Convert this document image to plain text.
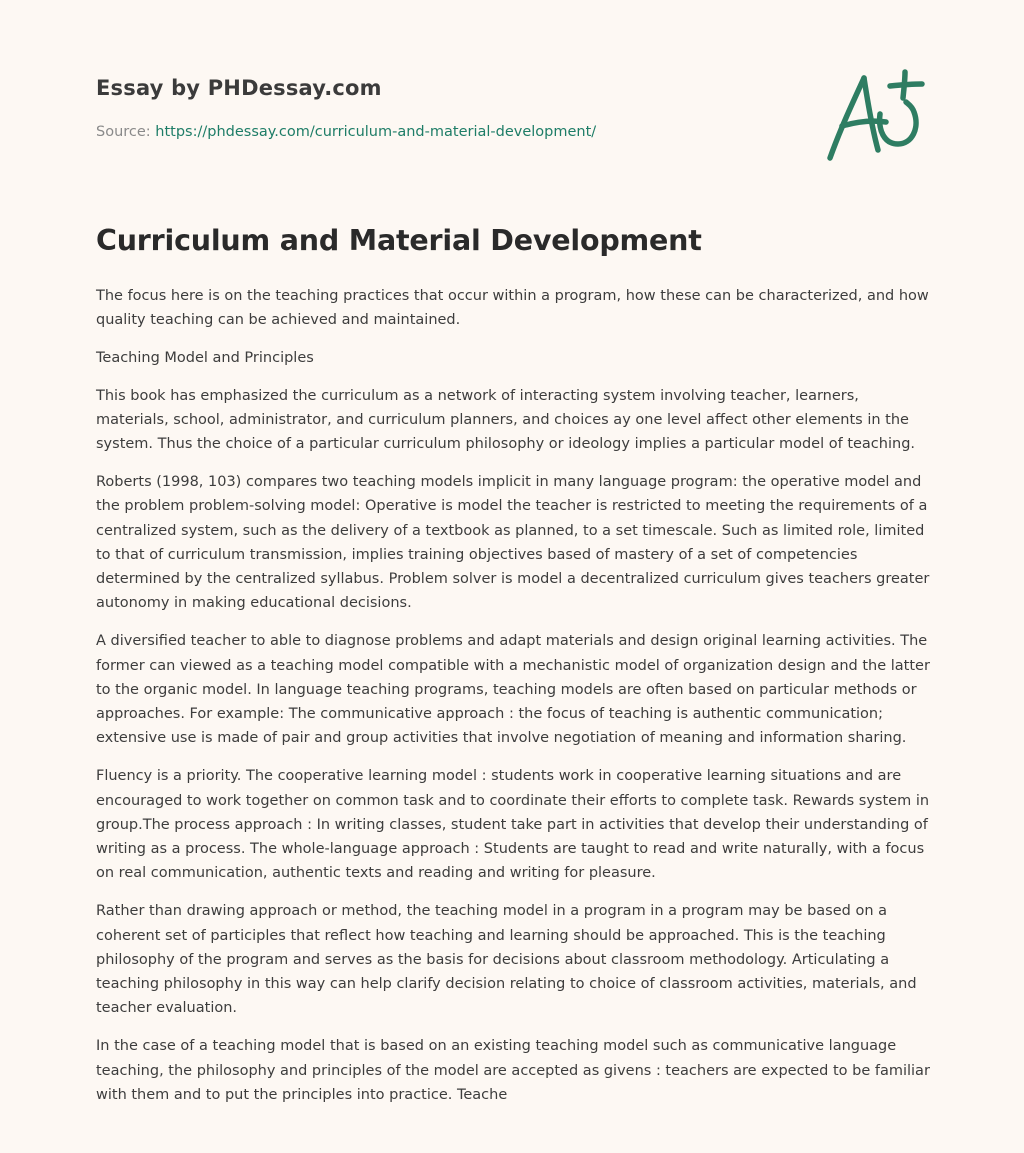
Essay by PHDessay.com

Source: https://phdessay.com/curriculum-and-material-development/

Curriculum and Material Development

The focus here is on the teaching practices that occur within a program, how these can be characterized, and how quality teaching can be achieved and maintained.

Teaching Model and Principles

This book has emphasized the curriculum as a network of interacting system involving teacher, learners, materials, school, administrator, and curriculum planners, and choices ay one level affect other elements in the system. Thus the choice of a particular curriculum philosophy or ideology implies a particular model of teaching.

Roberts (1998, 103) compares two teaching models implicit in many language program: the operative model and the problem problem-solving model: Operative is model the teacher is restricted to meeting the requirements of a centralized system, such as the delivery of a textbook as planned, to a set timescale. Such as limited role, limited to that of curriculum transmission, implies training objectives based of mastery of a set of competencies determined by the centralized syllabus. Problem solver is model a decentralized curriculum gives teachers greater autonomy in making educational decisions.

A diversified teacher to able to diagnose problems and adapt materials and design original learning activities. The former can viewed as a teaching model compatible with a mechanistic model of organization design and the latter to the organic model. In language teaching programs, teaching models are often based on particular methods or approaches. For example: The communicative approach : the focus of teaching is authentic communication; extensive use is made of pair and group activities that involve negotiation of meaning and information sharing.

Fluency is a priority. The cooperative learning model : students work in cooperative learning situations and are encouraged to work together on common task and to coordinate their efforts to complete task. Rewards system in group.The process approach : In writing classes, student take part in activities that develop their understanding of writing as a process. The whole-language approach : Students are taught to read and write naturally, with a focus on real communication, authentic texts and reading and writing for pleasure.

Rather than drawing approach or method, the teaching model in a program in a program may be based on a coherent set of participles that reflect how teaching and learning should be approached. This is the teaching philosophy of the program and serves as the basis for decisions about classroom methodology. Articulating a teaching philosophy in this way can help clarify decision relating to choice of classroom activities, materials, and teacher evaluation.

In the case of a teaching model that is based on an existing teaching model such as communicative language teaching, the philosophy and principles of the model are accepted as givens : teachers are expected to be familiar with them and to put the principles into practice. Teache
